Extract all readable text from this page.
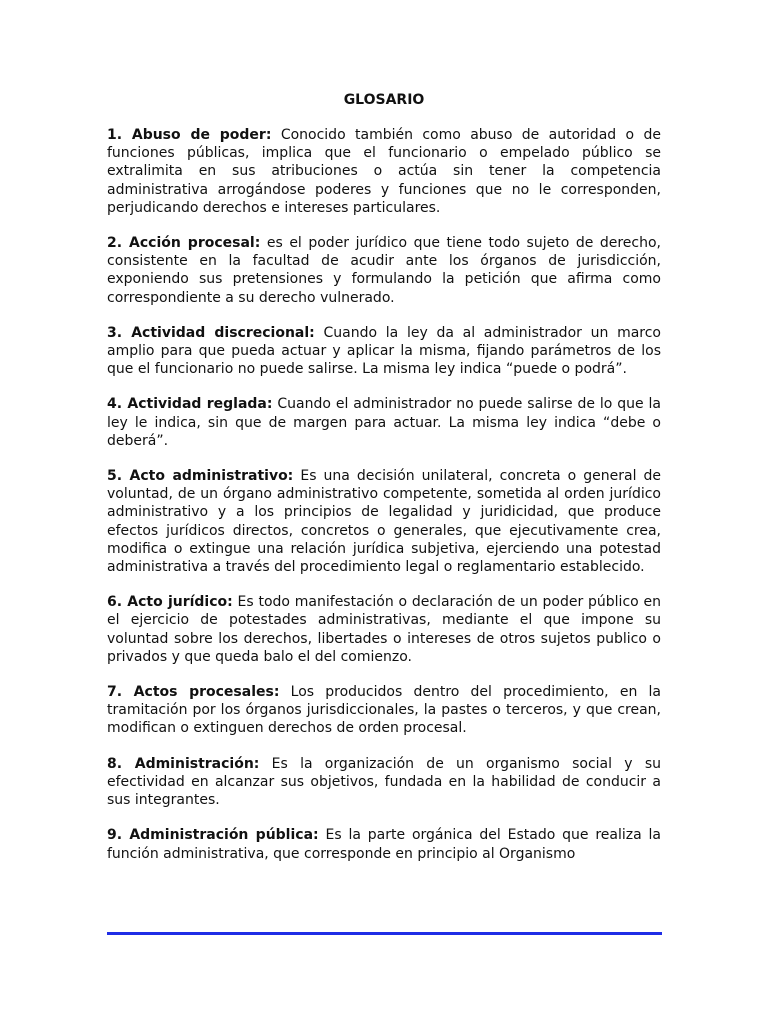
GLOSARIO

1. Abuso de poder: Conocido también como abuso de autoridad o de funciones públicas, implica que el funcionario o empelado público se extralimita en sus atribuciones o actúa sin tener la competencia administrativa arrogándose poderes y funciones que no le corresponden, perjudicando derechos e intereses particulares.

2. Acción procesal: es el poder jurídico que tiene todo sujeto de derecho, consistente en la facultad de acudir ante los órganos de jurisdicción, exponiendo sus pretensiones y formulando la petición que afirma como correspondiente a su derecho vulnerado.

3. Actividad discrecional: Cuando la ley da al administrador un marco amplio para que pueda actuar y aplicar la misma, fijando parámetros de los que el funcionario no puede salirse. La misma ley indica “puede o podrá”.

4. Actividad reglada: Cuando el administrador no puede salirse de lo que la ley le indica, sin que de margen para actuar. La misma ley indica “debe o deberá”.

5. Acto administrativo: Es una decisión unilateral, concreta o general de voluntad, de un órgano administrativo competente, sometida al orden jurídico administrativo y a los principios de legalidad y juridicidad, que produce efectos jurídicos directos, concretos o generales, que ejecutivamente crea, modifica o extingue una relación jurídica subjetiva, ejerciendo una potestad administrativa a través del procedimiento legal o reglamentario establecido.

6. Acto jurídico: Es todo manifestación o declaración de un poder público en el ejercicio de potestades administrativas, mediante el que impone su voluntad sobre los derechos, libertades o intereses de otros sujetos publico o privados y que queda balo el del comienzo.

7. Actos procesales: Los producidos dentro del procedimiento, en la tramitación por los órganos jurisdiccionales, la pastes o terceros, y que crean, modifican o extinguen derechos de orden procesal.

8. Administración: Es la organización de un organismo social y su efectividad en alcanzar sus objetivos, fundada en la habilidad de conducir a sus integrantes.

9. Administración pública: Es la parte orgánica del Estado que realiza la función administrativa, que corresponde en principio al Organismo
